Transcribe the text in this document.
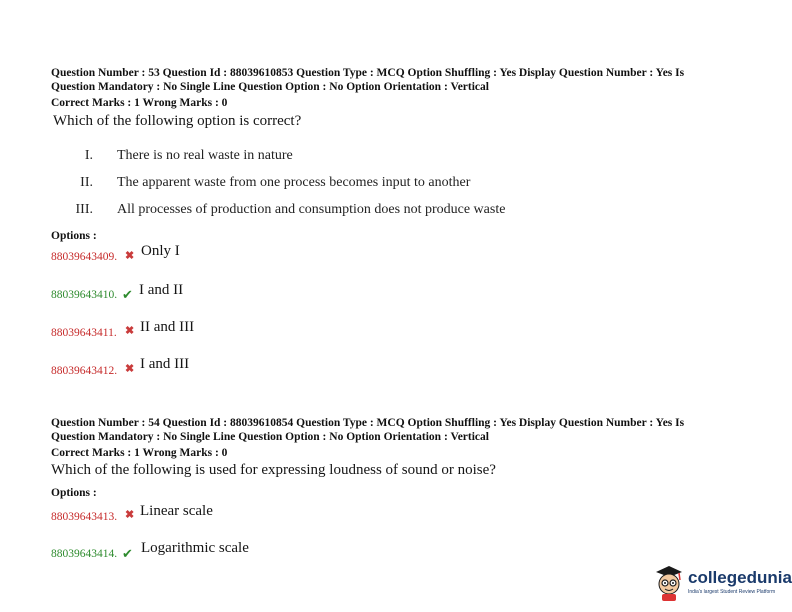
Question Number : 53 Question Id : 88039610853 Question Type : MCQ Option Shuffling : Yes Display Question Number : Yes Is
Question Mandatory : No Single Line Question Option : No Option Orientation : Vertical
Correct Marks : 1 Wrong Marks : 0
Which of the following option is correct?
I. There is no real waste in nature
II. The apparent waste from one process becomes input to another
III. All processes of production and consumption does not produce waste
Options :
88039643409. ✖ Only I
88039643410. ✔ I and II
88039643411. ✖ II and III
88039643412. ✖ I and III
Question Number : 54 Question Id : 88039610854 Question Type : MCQ Option Shuffling : Yes Display Question Number : Yes Is
Question Mandatory : No Single Line Question Option : No Option Orientation : Vertical
Correct Marks : 1 Wrong Marks : 0
Which of the following is used for expressing loudness of sound or noise?
Options :
88039643413. ✖ Linear scale
88039643414. ✔ Logarithmic scale
collegedunia
India's largest Student Review Platform
